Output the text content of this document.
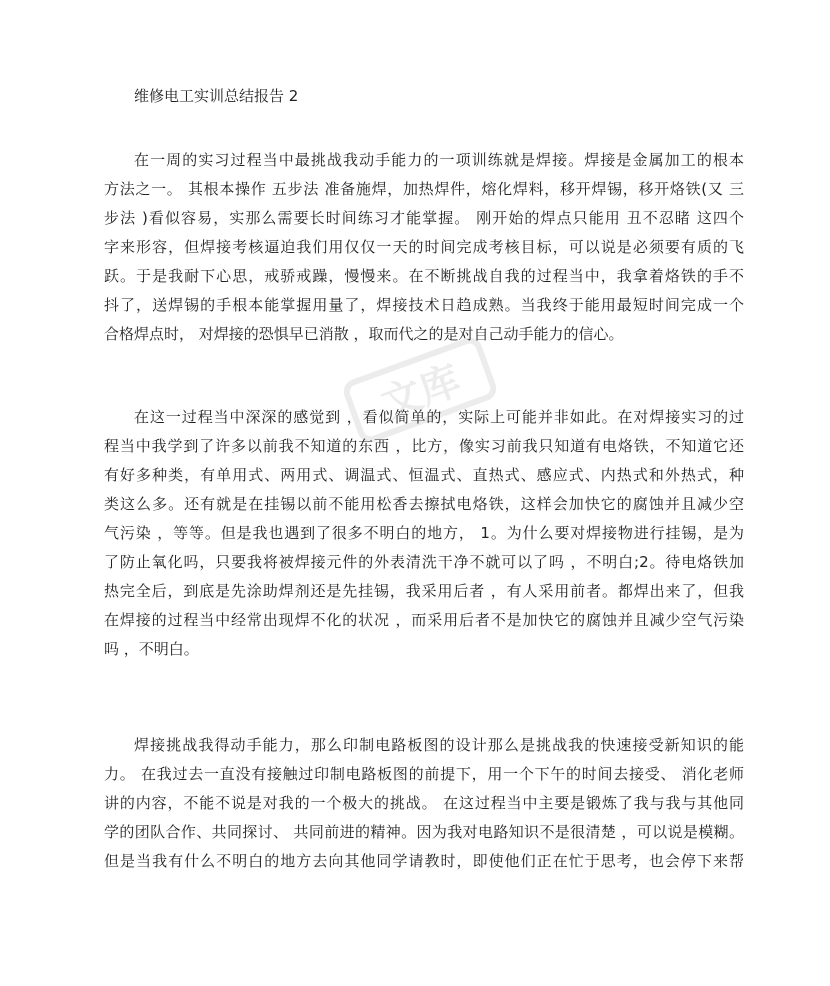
文库
维修电工实训总结报告 2
在一周的实习过程当中最挑战我动手能力的一项训练就是焊接。焊接是金属加工的根本
方法之一。 其根本操作 五步法 准备施焊，加热焊件，熔化焊料，移开焊锡，移开烙铁(又 三
步法 )看似容易，实那么需要长时间练习才能掌握。 刚开始的焊点只能用 丑不忍睹 这四个
字来形容，但焊接考核逼迫我们用仅仅一天的时间完成考核目标，可以说是必须要有质的飞
跃。于是我耐下心思，戒骄戒躁，慢慢来。在不断挑战自我的过程当中，我拿着烙铁的手不
抖了，送焊锡的手根本能掌握用量了，焊接技术日趋成熟。当我终于能用最短时间完成一个
合格焊点时， 对焊接的恐惧早已消散 ，取而代之的是对自己动手能力的信心。
在这一过程当中深深的感觉到 ，看似简单的，实际上可能并非如此。在对焊接实习的过
程当中我学到了许多以前我不知道的东西 ，比方，像实习前我只知道有电烙铁，不知道它还
有好多种类，有单用式、两用式、调温式、恒温式、直热式、感应式、内热式和外热式，种
类这么多。还有就是在挂锡以前不能用松香去擦拭电烙铁，这样会加快它的腐蚀并且减少空
气污染 ，等等。但是我也遇到了很多不明白的地方， 1。为什么要对焊接物进行挂锡，是为
了防止氧化吗，只要我将被焊接元件的外表清洗干净不就可以了吗 ，不明白;2。待电烙铁加
热完全后，到底是先涂助焊剂还是先挂锡，我采用后者 ，有人采用前者。都焊出来了，但我
在焊接的过程当中经常出现焊不化的状况 ，而采用后者不是加快它的腐蚀并且减少空气污染
吗 ，不明白。
焊接挑战我得动手能力，那么印制电路板图的设计那么是挑战我的快速接受新知识的能
力。 在我过去一直没有接触过印制电路板图的前提下，用一个下午的时间去接受、 消化老师
讲的内容，不能不说是对我的一个极大的挑战。 在这过程当中主要是锻炼了我与我与其他同
学的团队合作、共同探讨、 共同前进的精神。因为我对电路知识不是很清楚 ，可以说是模糊。
但是当我有什么不明白的地方去向其他同学请教时，即使他们正在忙于思考，也会停下来帮
